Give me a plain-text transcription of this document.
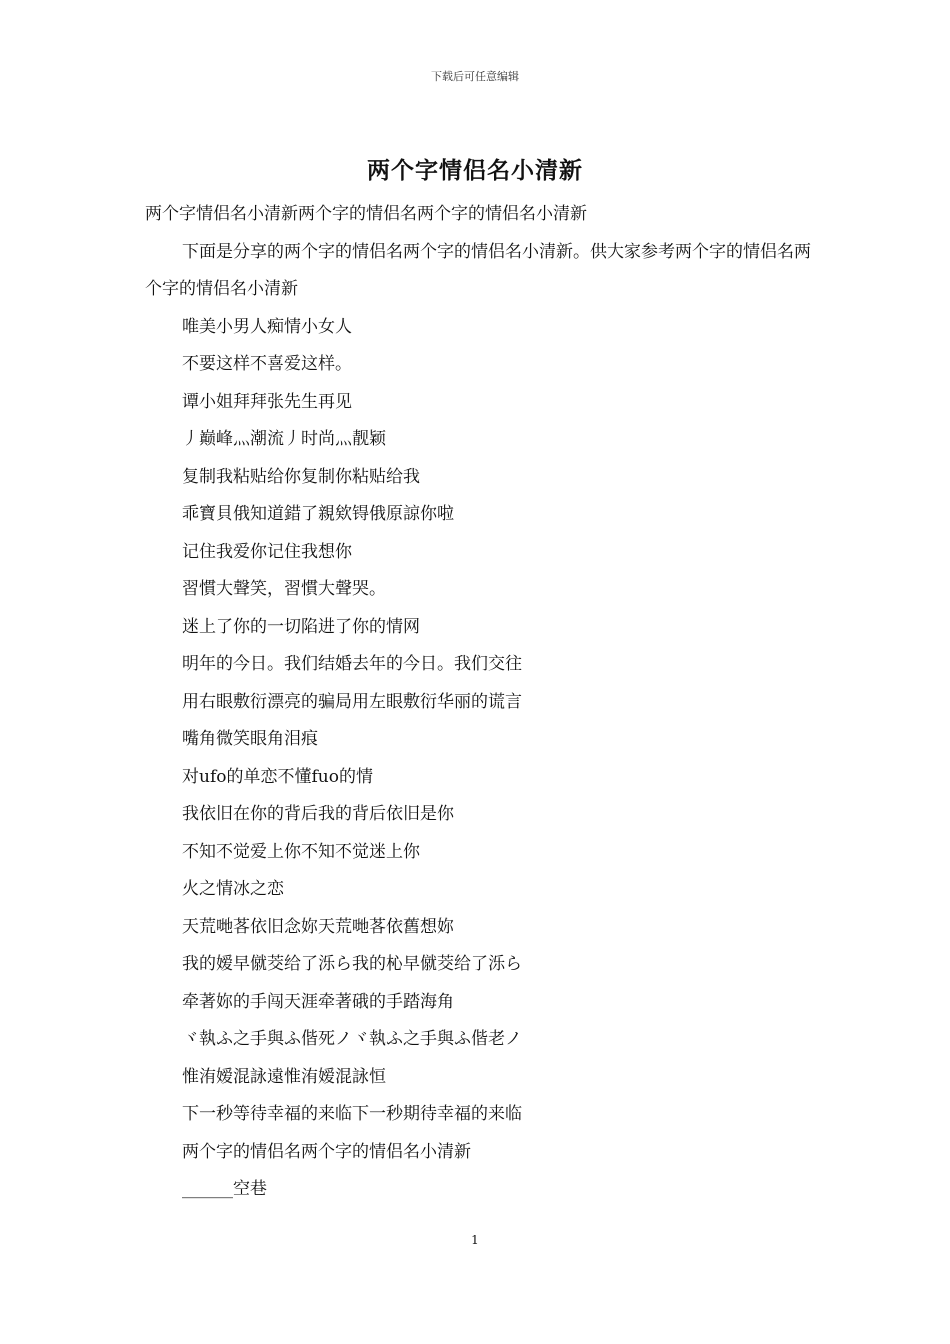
下载后可任意编辑
两个字情侣名小清新

两个字情侣名小清新两个字的情侣名两个字的情侣名小清新

下面是分享的两个字的情侣名两个字的情侣名小清新。供大家参考两个字的情侣名两个字的情侣名小清新

唯美小男人痴情小女人
不要这样不喜爱这样。
谭小姐拜拜张先生再见
丿巅峰灬潮流丿时尚灬靓颖
复制我粘贴给你复制你粘贴给我
乖寶貝俄知道錯了親欸锝俄原諒你啦
记住我爱你记住我想你
習慣大聲笑，習慣大聲哭。
迷上了你的一切陷进了你的情网
明年的今日。我们结婚去年的今日。我们交往
用右眼敷衍漂亮的骗局用左眼敷衍华丽的谎言
嘴角微笑眼角泪痕
对ufo的单恋不懂fuo的情
我依旧在你的背后我的背后依旧是你
不知不觉爱上你不知不觉迷上你
火之情冰之恋
天荒哋茖依旧念妳天荒哋茖依舊想妳
我的嫒早僦茭给了泺ら我的杺早僦茭给了泺ら
牵著妳的手闯天涯牵著硪的手踏海角
ヾ執ふ之手與ふ偕死ノヾ執ふ之手與ふ偕老ノ
惟洧嫒混詠遠惟洧嫒混詠恒
下一秒等待幸福的来临下一秒期待幸福的来临
两个字的情侣名两个字的情侣名小清新
______空巷
1
